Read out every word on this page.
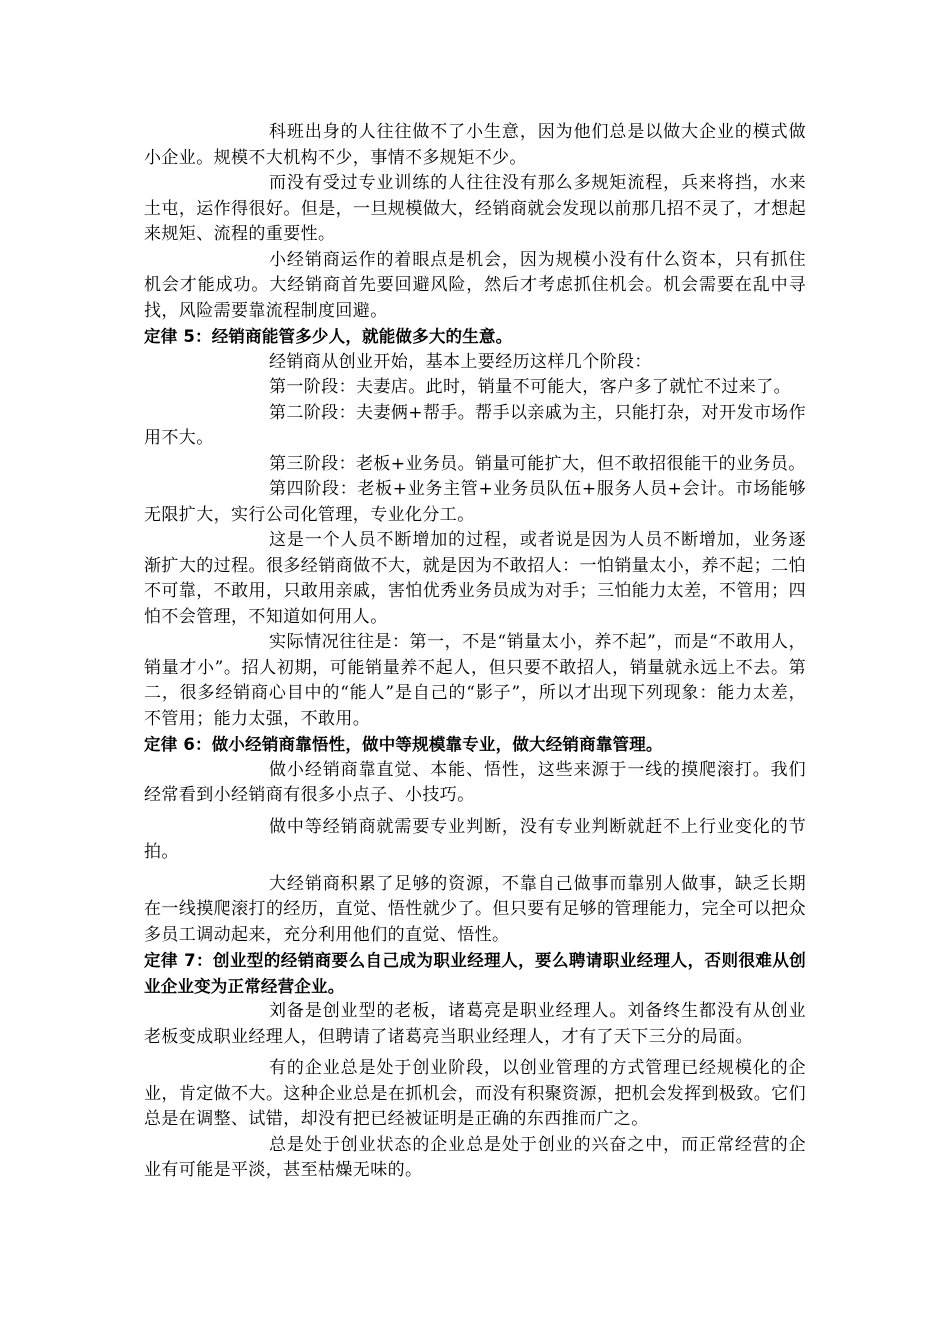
科班出身的人往往做不了小生意，因为他们总是以做大企业的模式做小企业。规模不大机构不少，事情不多规矩不少。

而没有受过专业训练的人往往没有那么多规矩流程，兵来将挡，水来土屯，运作得很好。但是，一旦规模做大，经销商就会发现以前那几招不灵了，才想起来规矩、流程的重要性。

小经销商运作的着眼点是机会，因为规模小没有什么资本，只有抓住机会才能成功。大经销商首先要回避风险，然后才考虑抓住机会。机会需要在乱中寻找，风险需要靠流程制度回避。

定律 5：经销商能管多少人，就能做多大的生意。

经销商从创业开始，基本上要经历这样几个阶段：

第一阶段：夫妻店。此时，销量不可能大，客户多了就忙不过来了。

第二阶段：夫妻俩+帮手。帮手以亲戚为主，只能打杂，对开发市场作用不大。

第三阶段：老板+业务员。销量可能扩大，但不敢招很能干的业务员。

第四阶段：老板+业务主管+业务员队伍+服务人员+会计。市场能够无限扩大，实行公司化管理，专业化分工。

这是一个人员不断增加的过程，或者说是因为人员不断增加，业务逐渐扩大的过程。很多经销商做不大，就是因为不敢招人：一怕销量太小，养不起；二怕不可靠，不敢用，只敢用亲戚，害怕优秀业务员成为对手；三怕能力太差，不管用；四怕不会管理，不知道如何用人。

实际情况往往是：第一，不是“销量太小，养不起”，而是“不敢用人，销量才小”。招人初期，可能销量养不起人，但只要不敢招人，销量就永远上不去。第二，很多经销商心目中的“能人”是自己的“影子”，所以才出现下列现象：能力太差，不管用；能力太强，不敢用。

定律 6：做小经销商靠悟性，做中等规模靠专业，做大经销商靠管理。

做小经销商靠直觉、本能、悟性，这些来源于一线的摸爬滚打。我们经常看到小经销商有很多小点子、小技巧。

做中等经销商就需要专业判断，没有专业判断就赶不上行业变化的节拍。

大经销商积累了足够的资源，不靠自己做事而靠别人做事，缺乏长期在一线摸爬滚打的经历，直觉、悟性就少了。但只要有足够的管理能力，完全可以把众多员工调动起来，充分利用他们的直觉、悟性。

定律 7：创业型的经销商要么自己成为职业经理人，要么聘请职业经理人，否则很难从创业企业变为正常经营企业。

刘备是创业型的老板，诸葛亮是职业经理人。刘备终生都没有从创业老板变成职业经理人，但聘请了诸葛亮当职业经理人，才有了天下三分的局面。

有的企业总是处于创业阶段，以创业管理的方式管理已经规模化的企业，肯定做不大。这种企业总是在抓机会，而没有积聚资源，把机会发挥到极致。它们总是在调整、试错，却没有把已经被证明是正确的东西推而广之。

总是处于创业状态的企业总是处于创业的兴奋之中，而正常经营的企业有可能是平淡，甚至枯燥无味的。
